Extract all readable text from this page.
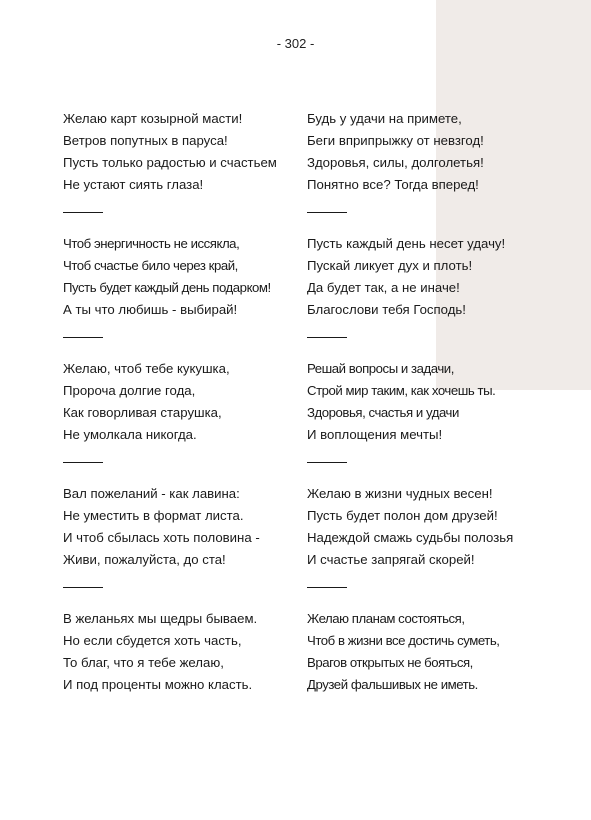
- 302 -
Желаю карт козырной масти!
Ветров попутных в паруса!
Пусть только радостью и счастьем
Не устают сиять глаза!
Чтоб энергичность не иссякла,
Чтоб счастье било через край,
Пусть будет каждый день подарком!
А ты что любишь - выбирай!
Желаю, чтоб тебе кукушка,
Пророча долгие года,
Как говорливая старушка,
Не умолкала никогда.
Вал пожеланий - как лавина:
Не уместить в формат листа.
И чтоб сбылась хоть половина -
Живи, пожалуйста, до ста!
В желаньях мы щедры бываем.
Но если сбудется хоть часть,
То благ, что я тебе желаю,
И под проценты можно класть.
Будь у удачи на примете,
Беги вприпрыжку от невзгод!
Здоровья, силы, долголетья!
Понятно все? Тогда вперед!
Пусть каждый день несет удачу!
Пускай ликует дух и плоть!
Да будет так, а не иначе!
Благослови тебя Господь!
Решай вопросы и задачи,
Строй мир таким, как хочешь ты.
Здоровья, счастья и удачи
И воплощения мечты!
Желаю в жизни чудных весен!
Пусть будет полон дом друзей!
Надеждой смажь судьбы полозья
И счастье запрягай скорей!
Желаю планам состояться,
Чтоб в жизни все достичь суметь,
Врагов открытых не бояться,
Друзей фальшивых не иметь.
